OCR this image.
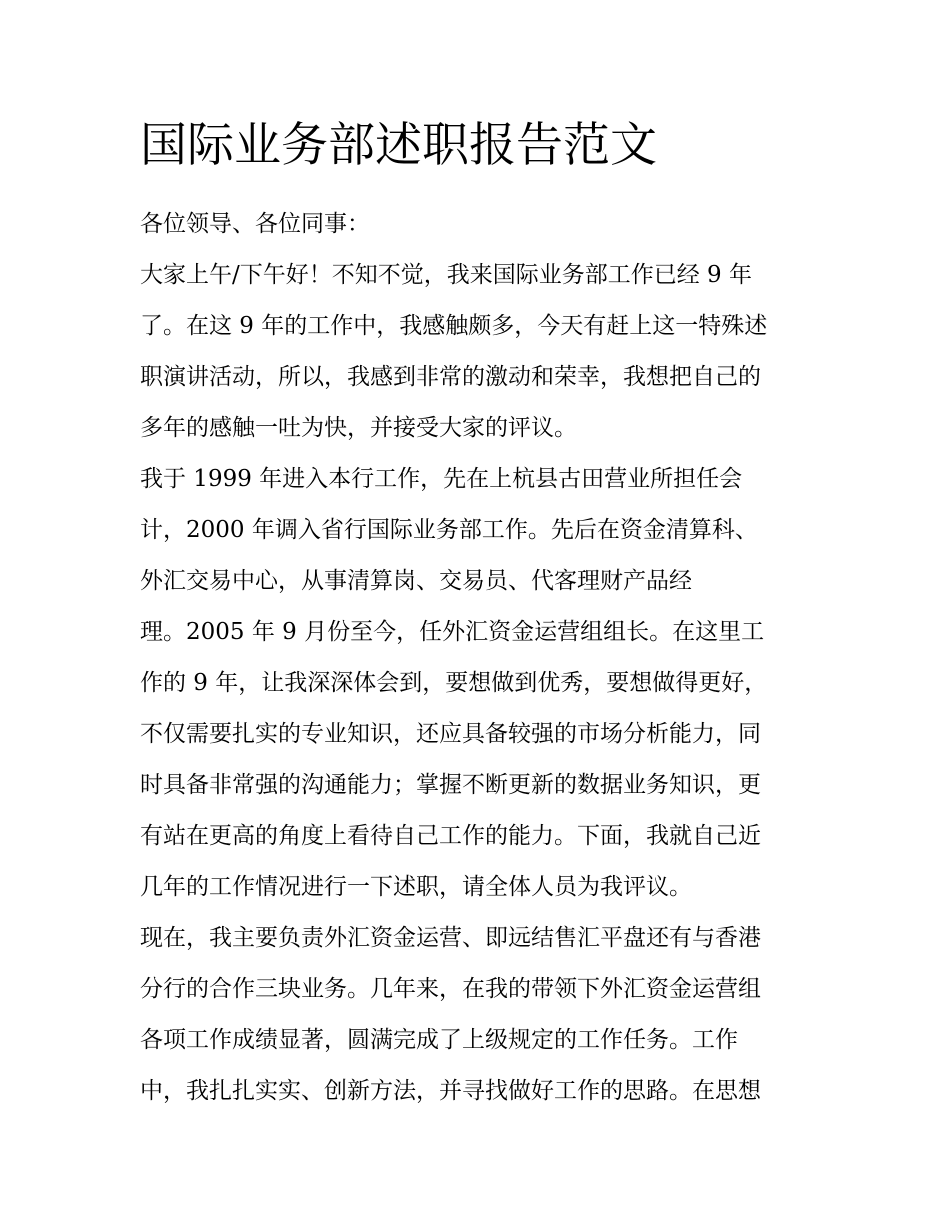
国际业务部述职报告范文
各位领导、各位同事：
大家上午/下午好！不知不觉，我来国际业务部工作已经 9 年
了。在这 9 年的工作中，我感触颇多，今天有赶上这一特殊述
职演讲活动，所以，我感到非常的激动和荣幸，我想把自己的
多年的感触一吐为快，并接受大家的评议。
我于 1999 年进入本行工作，先在上杭县古田营业所担任会
计，2000 年调入省行国际业务部工作。先后在资金清算科、
外汇交易中心，从事清算岗、交易员、代客理财产品经
理。2005 年 9 月份至今，任外汇资金运营组组长。在这里工
作的 9 年，让我深深体会到，要想做到优秀，要想做得更好，
不仅需要扎实的专业知识，还应具备较强的市场分析能力，同
时具备非常强的沟通能力；掌握不断更新的数据业务知识，更
有站在更高的角度上看待自己工作的能力。下面，我就自己近
几年的工作情况进行一下述职，请全体人员为我评议。
现在，我主要负责外汇资金运营、即远结售汇平盘还有与香港
分行的合作三块业务。几年来，在我的带领下外汇资金运营组
各项工作成绩显著，圆满完成了上级规定的工作任务。工作
中，我扎扎实实、创新方法，并寻找做好工作的思路。在思想
